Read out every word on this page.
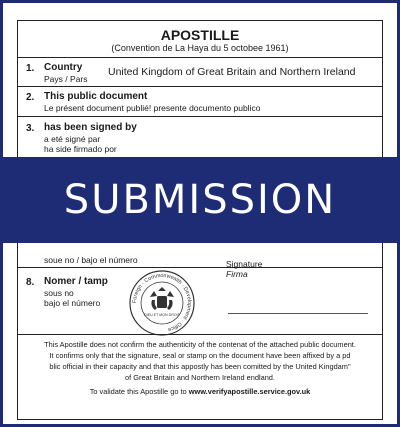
APOSTILLE
(Convention de La Haya du 5 octobee 1961)
1. Country
Pays / Pars
United Kingdom of Great Britain and Northern Ireland
2. This public document
Le présent document publié! presente documento publico
3. has been signed by
a eté signé par
ha side firmado por
soue no / bajo el número
8. Nomer / tamp
sous no
bajo el número	Foreign · Commonwealth · Development · Office
DIEU ET MON DROIT
Signature
Firma
This Apostille does not confirm the authenticity of the contenat of the attached public document.
It confirms only that the signature, seal or stamp on the document have been affixed by a pd
blic official in their capacity and that this appostly has been comitted by the United Kingdam"
of Great Britain and Northern Ireland endland.
To validate this Apostille go to www.verifyapostille.service.gov.uk
SUBMISSION
